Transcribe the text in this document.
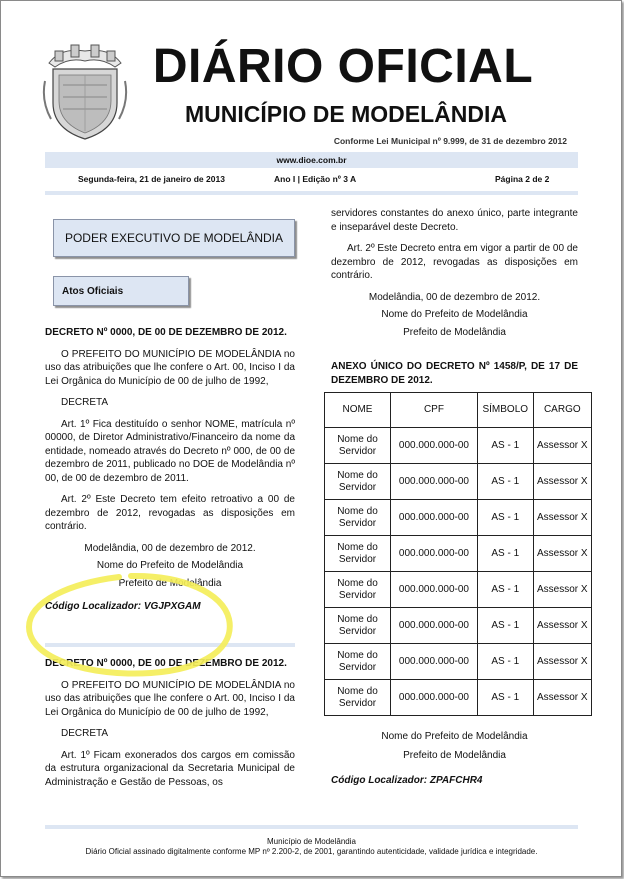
DIÁRIO OFICIAL
MUNICÍPIO DE MODELÂNDIA
Conforme Lei Municipal nº 9.999, de 31 de dezembro 2012
www.dioe.com.br
Segunda-feira, 21 de janeiro de 2013	Ano I | Edição nº 3 A	Página 2 de 2
PODER EXECUTIVO DE MODELÂNDIA
Atos Oficiais

DECRETO Nº 0000, DE 00 DE DEZEMBRO DE 2012.

O PREFEITO DO MUNICÍPIO DE MODELÂNDIA no uso das atribuições que lhe confere o Art. 00, Inciso I da Lei Orgânica do Município de 00 de julho de 1992,

DECRETA

Art. 1º Fica destituído o senhor NOME, matrícula nº 00000, de Diretor Administrativo/Financeiro da nome da entidade, nomeado através do Decreto nº 000, de 00 de dezembro de 2011, publicado no DOE de Modelândia nº 00, de 00 de dezembro de 2011.

Art. 2º Este Decreto tem efeito retroativo a 00 de dezembro de 2012, revogadas as disposições em contrário.

Modelândia, 00 de dezembro de 2012.

Nome do Prefeito de Modelândia

Prefeito de Modelândia

Código Localizador: VGJPXGAM

DECRETO Nº 0000, DE 00 DE DEZEMBRO DE 2012.

O PREFEITO DO MUNICÍPIO DE MODELÂNDIA no uso das atribuições que lhe confere o Art. 00, Inciso I da Lei Orgânica do Município de 00 de julho de 1992,

DECRETA

Art. 1º Ficam exonerados dos cargos em comissão da estrutura organizacional da Secretaria Municipal de Administração e Gestão de Pessoas, os

servidores constantes do anexo único, parte integrante e inseparável deste Decreto.

Art. 2º Este Decreto entra em vigor a partir de 00 de dezembro de 2012, revogadas as disposições em contrário.

Modelândia, 00 de dezembro de 2012.

Nome do Prefeito de Modelândia

Prefeito de Modelândia

ANEXO ÚNICO DO DECRETO Nº 1458/P, DE 17 DE DEZEMBRO DE 2012.
NOME	CPF	SÍMBOLO	CARGO
Nome do Servidor	000.000.000-00	AS - 1	Assessor X
Nome do Servidor	000.000.000-00	AS - 1	Assessor X
Nome do Servidor	000.000.000-00	AS - 1	Assessor X
Nome do Servidor	000.000.000-00	AS - 1	Assessor X
Nome do Servidor	000.000.000-00	AS - 1	Assessor X
Nome do Servidor	000.000.000-00	AS - 1	Assessor X
Nome do Servidor	000.000.000-00	AS - 1	Assessor X
Nome do Servidor	000.000.000-00	AS - 1	Assessor X

Nome do Prefeito de Modelândia

Prefeito de Modelândia

Código Localizador: ZPAFCHR4

Município de Modelândia
Diário Oficial assinado digitalmente conforme MP nº 2.200-2, de 2001, garantindo autenticidade, validade jurídica e integridade.
